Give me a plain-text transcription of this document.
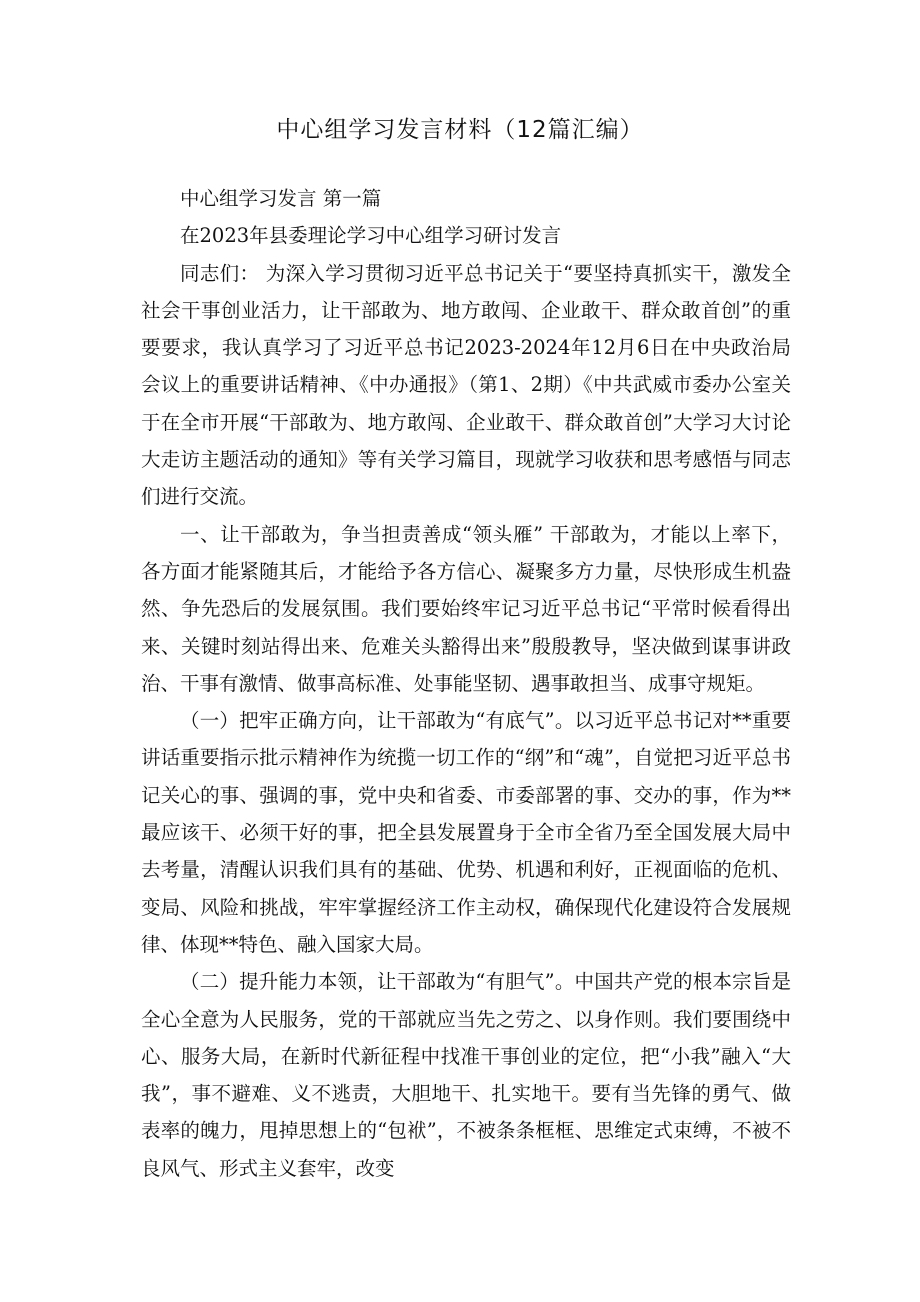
中心组学习发言材料（12篇汇编）

中心组学习发言 第一篇

在2023年县委理论学习中心组学习研讨发言

同志们： 为深入学习贯彻习近平总书记关于“要坚持真抓实干，激发全社会干事创业活力，让干部敢为、地方敢闯、企业敢干、群众敢首创”的重要要求，我认真学习了习近平总书记2023-2024年12月6日在中央政治局会议上的重要讲话精神、《中办通报》（第1、2期）《中共武威市委办公室关于在全市开展“干部敢为、地方敢闯、企业敢干、群众敢首创”大学习大讨论大走访主题活动的通知》等有关学习篇目，现就学习收获和思考感悟与同志们进行交流。

一、让干部敢为，争当担责善成“领头雁” 干部敢为，才能以上率下，各方面才能紧随其后，才能给予各方信心、凝聚多方力量，尽快形成生机盎然、争先恐后的发展氛围。我们要始终牢记习近平总书记“平常时候看得出来、关键时刻站得出来、危难关头豁得出来”殷殷教导，坚决做到谋事讲政治、干事有激情、做事高标准、处事能坚韧、遇事敢担当、成事守规矩。

（一）把牢正确方向，让干部敢为“有底气”。以习近平总书记对**重要讲话重要指示批示精神作为统揽一切工作的“纲”和“魂”，自觉把习近平总书记关心的事、强调的事，党中央和省委、市委部署的事、交办的事，作为**最应该干、必须干好的事，把全县发展置身于全市全省乃至全国发展大局中去考量，清醒认识我们具有的基础、优势、机遇和利好，正视面临的危机、变局、风险和挑战，牢牢掌握经济工作主动权，确保现代化建设符合发展规律、体现**特色、融入国家大局。

（二）提升能力本领，让干部敢为“有胆气”。中国共产党的根本宗旨是全心全意为人民服务，党的干部就应当先之劳之、以身作则。我们要围绕中心、服务大局，在新时代新征程中找准干事创业的定位，把“小我”融入“大我”，事不避难、义不逃责，大胆地干、扎实地干。要有当先锋的勇气、做表率的魄力，甩掉思想上的“包袱”，不被条条框框、思维定式束缚，不被不良风气、形式主义套牢，改变
